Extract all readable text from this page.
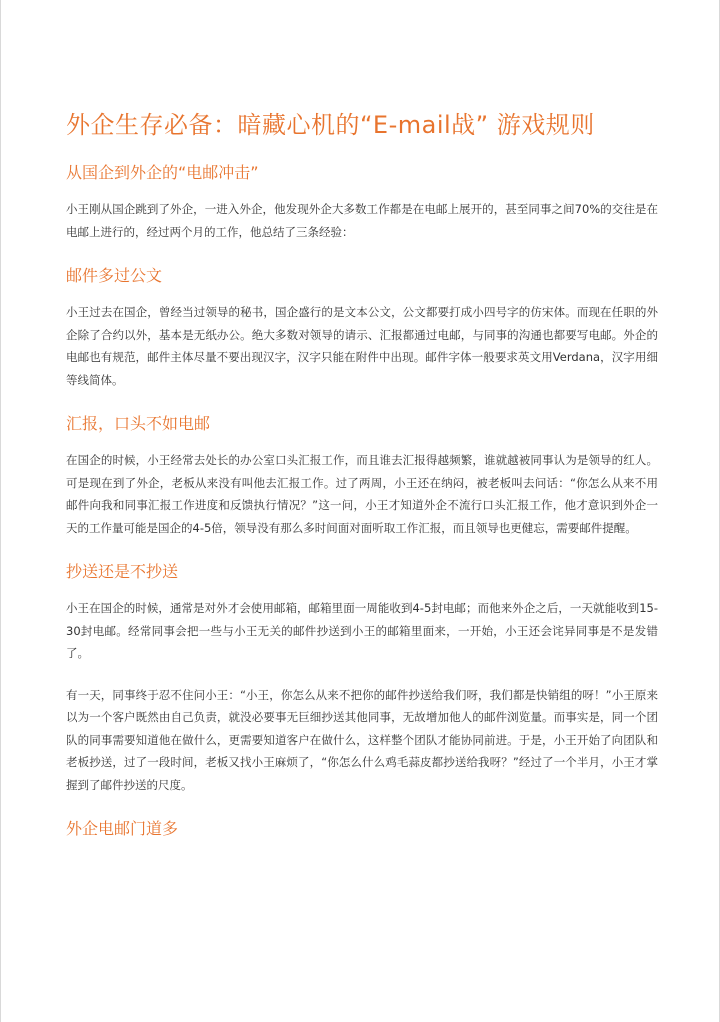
外企生存必备：暗藏心机的“E-mail战” 游戏规则
从国企到外企的“电邮冲击”

小王刚从国企跳到了外企，一进入外企，他发现外企大多数工作都是在电邮上展开的，甚至同事之间70%的交往是在电邮上进行的，经过两个月的工作，他总结了三条经验：

邮件多过公文

小王过去在国企，曾经当过领导的秘书，国企盛行的是文本公文，公文都要打成小四号字的仿宋体。而现在任职的外企除了合约以外，基本是无纸办公。绝大多数对领导的请示、汇报都通过电邮，与同事的沟通也都要写电邮。外企的电邮也有规范，邮件主体尽量不要出现汉字，汉字只能在附件中出现。邮件字体一般要求英文用Verdana，汉字用细等线简体。

汇报，口头不如电邮

在国企的时候，小王经常去处长的办公室口头汇报工作，而且谁去汇报得越频繁，谁就越被同事认为是领导的红人。可是现在到了外企，老板从来没有叫他去汇报工作。过了两周，小王还在纳闷，被老板叫去问话：“你怎么从来不用邮件向我和同事汇报工作进度和反馈执行情况？”这一问，小王才知道外企不流行口头汇报工作，他才意识到外企一天的工作量可能是国企的4-5倍，领导没有那么多时间面对面听取工作汇报，而且领导也更健忘，需要邮件提醒。

抄送还是不抄送

小王在国企的时候，通常是对外才会使用邮箱，邮箱里面一周能收到4-5封电邮；而他来外企之后，一天就能收到15-30封电邮。经常同事会把一些与小王无关的邮件抄送到小王的邮箱里面来，一开始，小王还会诧异同事是不是发错了。

有一天，同事终于忍不住问小王：“小王，你怎么从来不把你的邮件抄送给我们呀，我们都是快销组的呀！”小王原来以为一个客户既然由自己负责，就没必要事无巨细抄送其他同事，无故增加他人的邮件浏览量。而事实是，同一个团队的同事需要知道他在做什么，更需要知道客户在做什么，这样整个团队才能协同前进。于是，小王开始了向团队和老板抄送，过了一段时间，老板又找小王麻烦了，“你怎么什么鸡毛蒜皮都抄送给我呀？”经过了一个半月，小王才掌握到了邮件抄送的尺度。

外企电邮门道多
